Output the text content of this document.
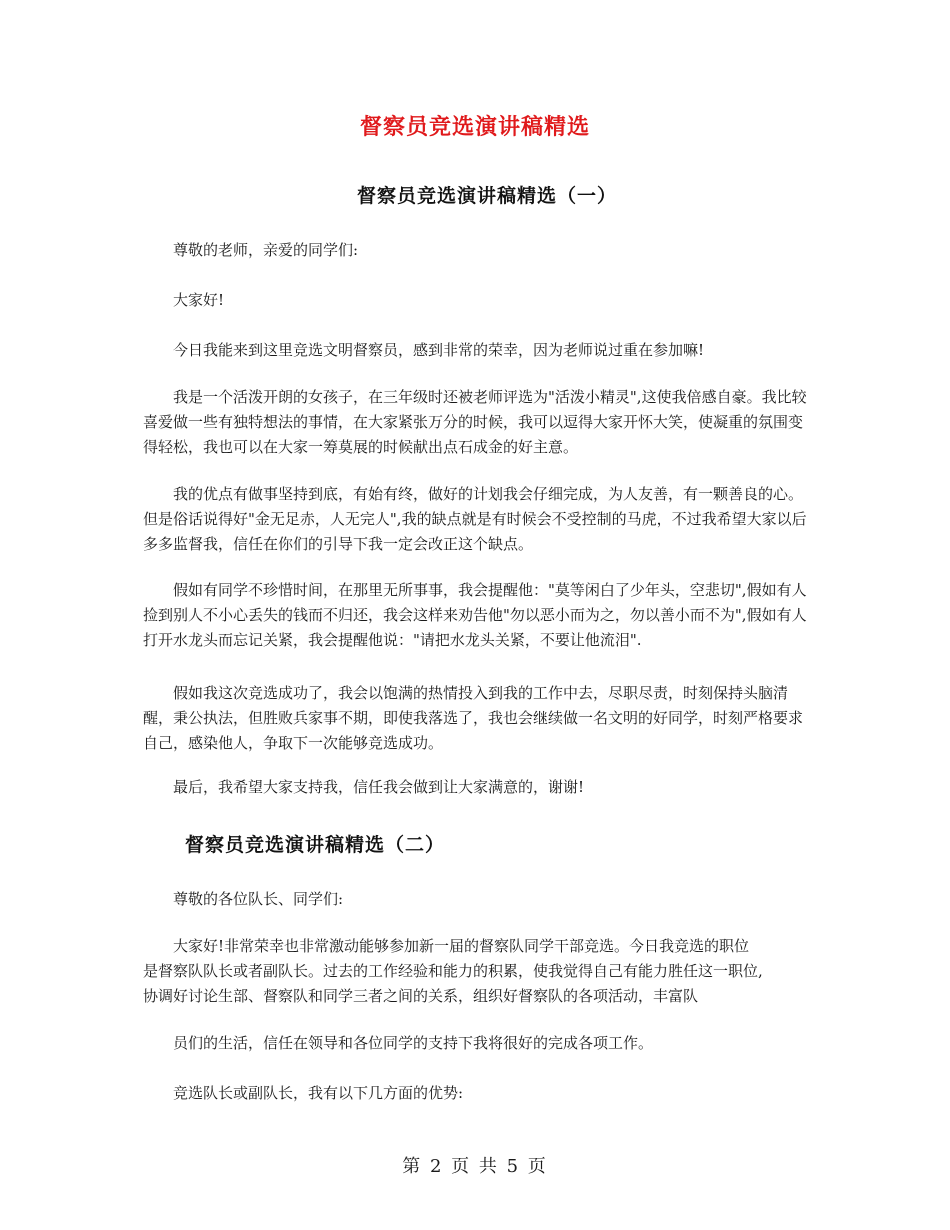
督察员竞选演讲稿精选
督察员竞选演讲稿精选（一）
尊敬的老师，亲爱的同学们:
大家好!
今日我能来到这里竞选文明督察员，感到非常的荣幸，因为老师说过重在参加嘛!
我是一个活泼开朗的女孩子，在三年级时还被老师评选为"活泼小精灵",这使我倍感自豪。我比较喜爱做一些有独特想法的事情，在大家紧张万分的时候，我可以逗得大家开怀大笑，使凝重的氛围变得轻松，我也可以在大家一筹莫展的时候献出点石成金的好主意。
我的优点有做事坚持到底，有始有终，做好的计划我会仔细完成，为人友善，有一颗善良的心。但是俗话说得好"金无足赤，人无完人",我的缺点就是有时候会不受控制的马虎，不过我希望大家以后多多监督我，信任在你们的引导下我一定会改正这个缺点。
假如有同学不珍惜时间，在那里无所事事，我会提醒他："莫等闲白了少年头，空悲切",假如有人捡到别人不小心丢失的钱而不归还，我会这样来劝告他"勿以恶小而为之，勿以善小而不为",假如有人打开水龙头而忘记关紧，我会提醒他说："请把水龙头关紧，不要让他流泪".
假如我这次竞选成功了，我会以饱满的热情投入到我的工作中去，尽职尽责，时刻保持头脑清醒，秉公执法，但胜败兵家事不期，即使我落选了，我也会继续做一名文明的好同学，时刻严格要求自己，感染他人，争取下一次能够竞选成功。
最后，我希望大家支持我，信任我会做到让大家满意的，谢谢!
督察员竞选演讲稿精选（二）
尊敬的各位队长、同学们:
大家好!非常荣幸也非常激动能够参加新一届的督察队同学干部竞选。今日我竞选的职位
是督察队队长或者副队长。过去的工作经验和能力的积累，使我觉得自己有能力胜任这一职位,
协调好讨论生部、督察队和同学三者之间的关系，组织好督察队的各项活动，丰富队
员们的生活，信任在领导和各位同学的支持下我将很好的完成各项工作。
竞选队长或副队长，我有以下几方面的优势:
第 2 页 共 5 页
